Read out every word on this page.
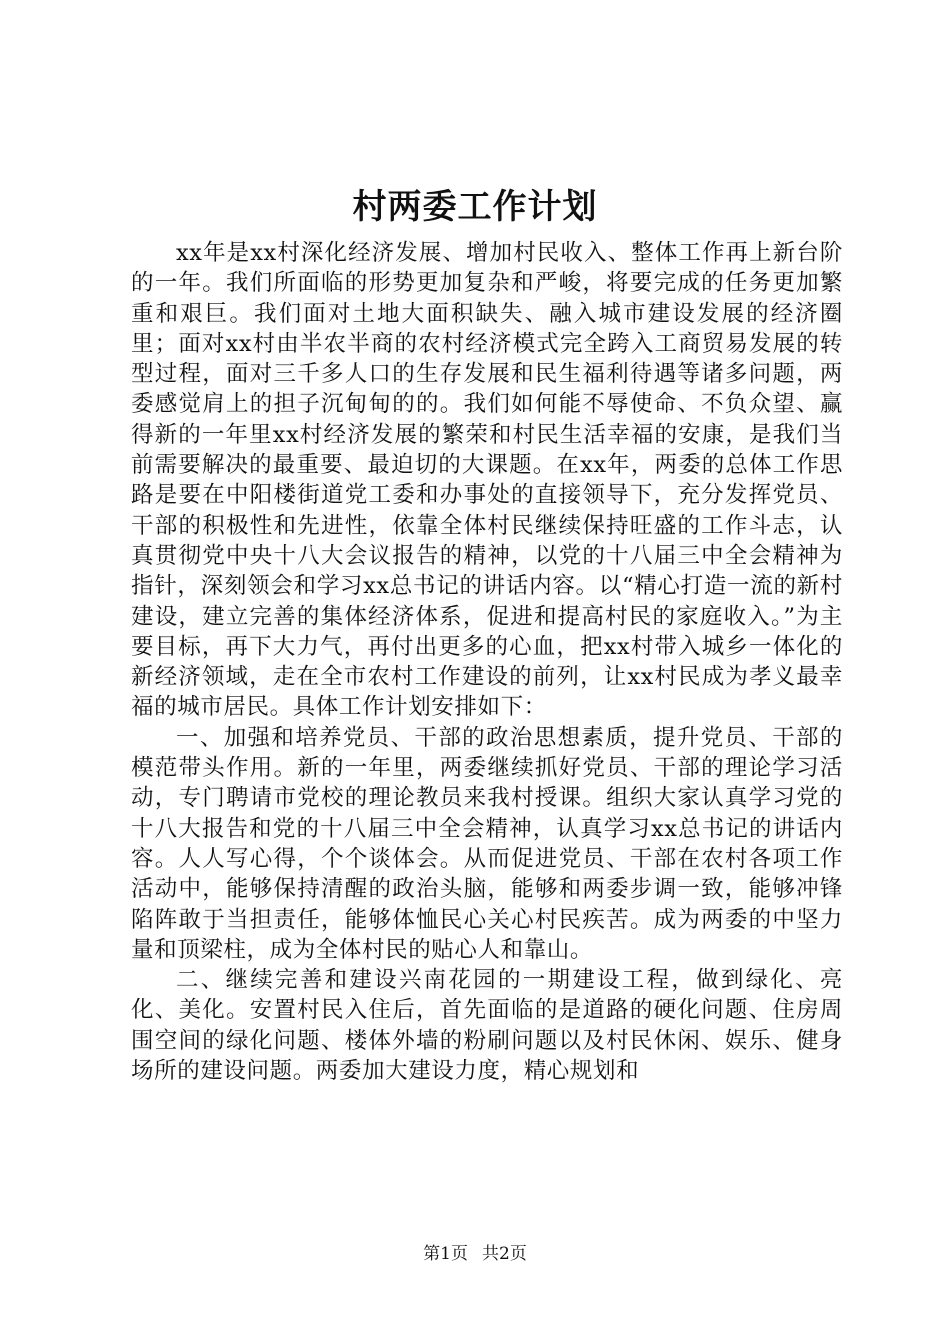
村两委工作计划

xx年是xx村深化经济发展、增加村民收入、整体工作再上新台阶的一年。我们所面临的形势更加复杂和严峻，将要完成的任务更加繁重和艰巨。我们面对土地大面积缺失、融入城市建设发展的经济圈里；面对xx村由半农半商的农村经济模式完全跨入工商贸易发展的转型过程，面对三千多人口的生存发展和民生福利待遇等诸多问题，两委感觉肩上的担子沉甸甸的的。我们如何能不辱使命、不负众望、赢得新的一年里xx村经济发展的繁荣和村民生活幸福的安康，是我们当前需要解决的最重要、最迫切的大课题。在xx年，两委的总体工作思路是要在中阳楼街道党工委和办事处的直接领导下，充分发挥党员、干部的积极性和先进性，依靠全体村民继续保持旺盛的工作斗志，认真贯彻党中央十八大会议报告的精神，以党的十八届三中全会精神为指针，深刻领会和学习xx总书记的讲话内容。以“精心打造一流的新村建设，建立完善的集体经济体系，促进和提高村民的家庭收入。”为主要目标，再下大力气，再付出更多的心血，把xx村带入城乡一体化的新经济领域，走在全市农村工作建设的前列，让xx村民成为孝义最幸福的城市居民。具体工作计划安排如下：

一、加强和培养党员、干部的政治思想素质，提升党员、干部的模范带头作用。新的一年里，两委继续抓好党员、干部的理论学习活动，专门聘请市党校的理论教员来我村授课。组织大家认真学习党的十八大报告和党的十八届三中全会精神，认真学习xx总书记的讲话内容。人人写心得，个个谈体会。从而促进党员、干部在农村各项工作活动中，能够保持清醒的政治头脑，能够和两委步调一致，能够冲锋陷阵敢于当担责任，能够体恤民心关心村民疾苦。成为两委的中坚力量和顶梁柱，成为全体村民的贴心人和靠山。

二、继续完善和建设兴南花园的一期建设工程，做到绿化、亮化、美化。安置村民入住后，首先面临的是道路的硬化问题、住房周围空间的绿化问题、楼体外墙的粉刷问题以及村民休闲、娱乐、健身场所的建设问题。两委加大建设力度，精心规划和

第1页 共2页
